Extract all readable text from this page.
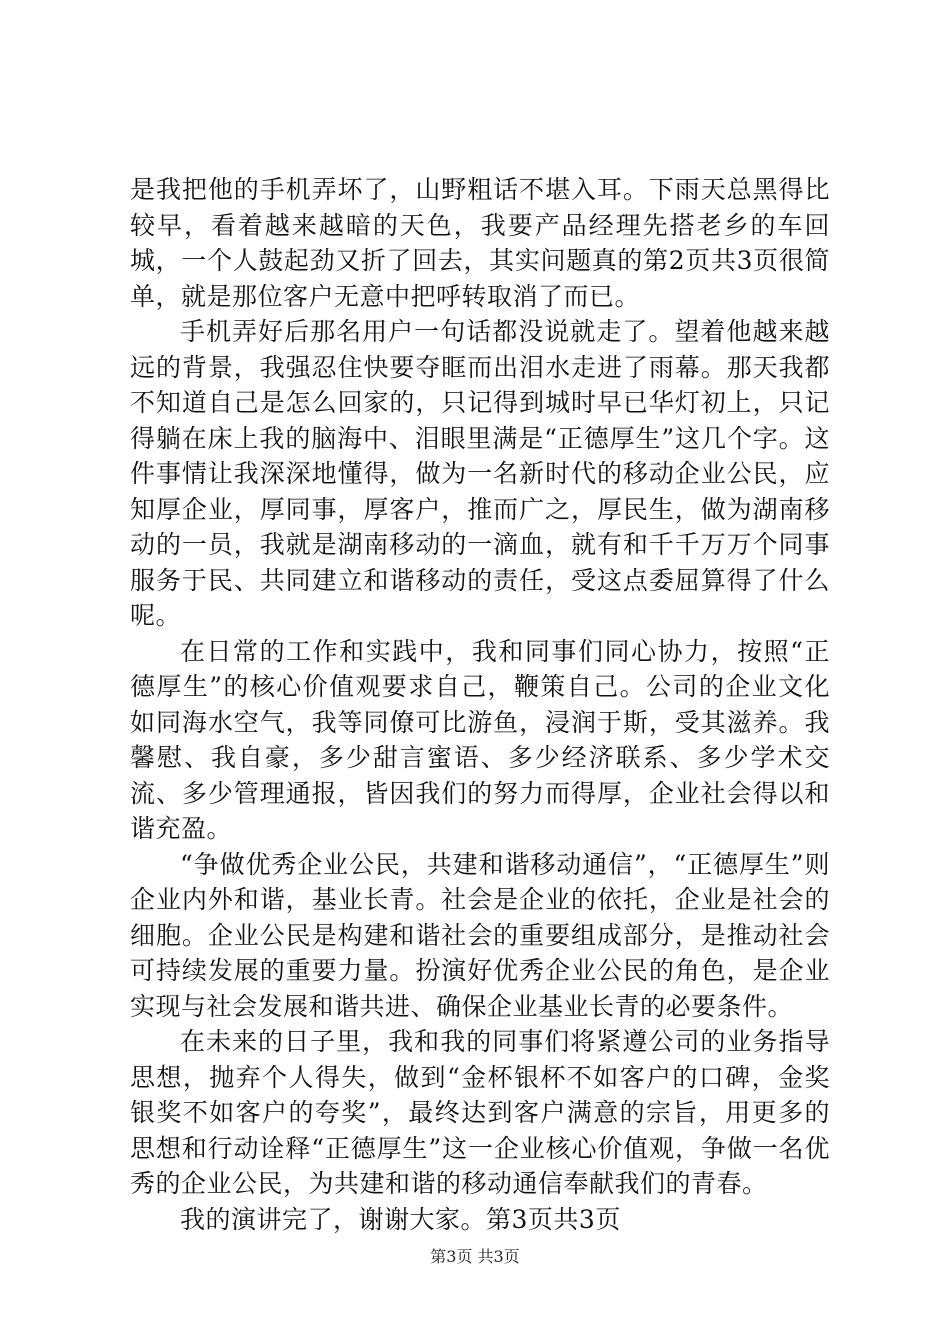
是我把他的手机弄坏了，山野粗话不堪入耳。下雨天总黑得比较早，看着越来越暗的天色，我要产品经理先搭老乡的车回城，一个人鼓起劲又折了回去，其实问题真的第2页共3页很简单，就是那位客户无意中把呼转取消了而已。

手机弄好后那名用户一句话都没说就走了。望着他越来越远的背景，我强忍住快要夺眶而出泪水走进了雨幕。那天我都不知道自己是怎么回家的，只记得到城时早已华灯初上，只记得躺在床上我的脑海中、泪眼里满是“正德厚生”这几个字。这件事情让我深深地懂得，做为一名新时代的移动企业公民，应知厚企业，厚同事，厚客户，推而广之，厚民生，做为湖南移动的一员，我就是湖南移动的一滴血，就有和千千万万个同事服务于民、共同建立和谐移动的责任，受这点委屈算得了什么呢。

在日常的工作和实践中，我和同事们同心协力，按照“正德厚生”的核心价值观要求自己，鞭策自己。公司的企业文化如同海水空气，我等同僚可比游鱼，浸润于斯，受其滋养。我馨慰、我自豪，多少甜言蜜语、多少经济联系、多少学术交流、多少管理通报，皆因我们的努力而得厚，企业社会得以和谐充盈。

“争做优秀企业公民，共建和谐移动通信”，“正德厚生”则企业内外和谐，基业长青。社会是企业的依托，企业是社会的细胞。企业公民是构建和谐社会的重要组成部分，是推动社会可持续发展的重要力量。扮演好优秀企业公民的角色，是企业实现与社会发展和谐共进、确保企业基业长青的必要条件。

在未来的日子里，我和我的同事们将紧遵公司的业务指导思想，抛弃个人得失，做到“金杯银杯不如客户的口碑，金奖银奖不如客户的夸奖”，最终达到客户满意的宗旨，用更多的思想和行动诠释“正德厚生”这一企业核心价值观，争做一名优秀的企业公民，为共建和谐的移动通信奉献我们的青春。

我的演讲完了，谢谢大家。第3页共3页

第3页 共3页
